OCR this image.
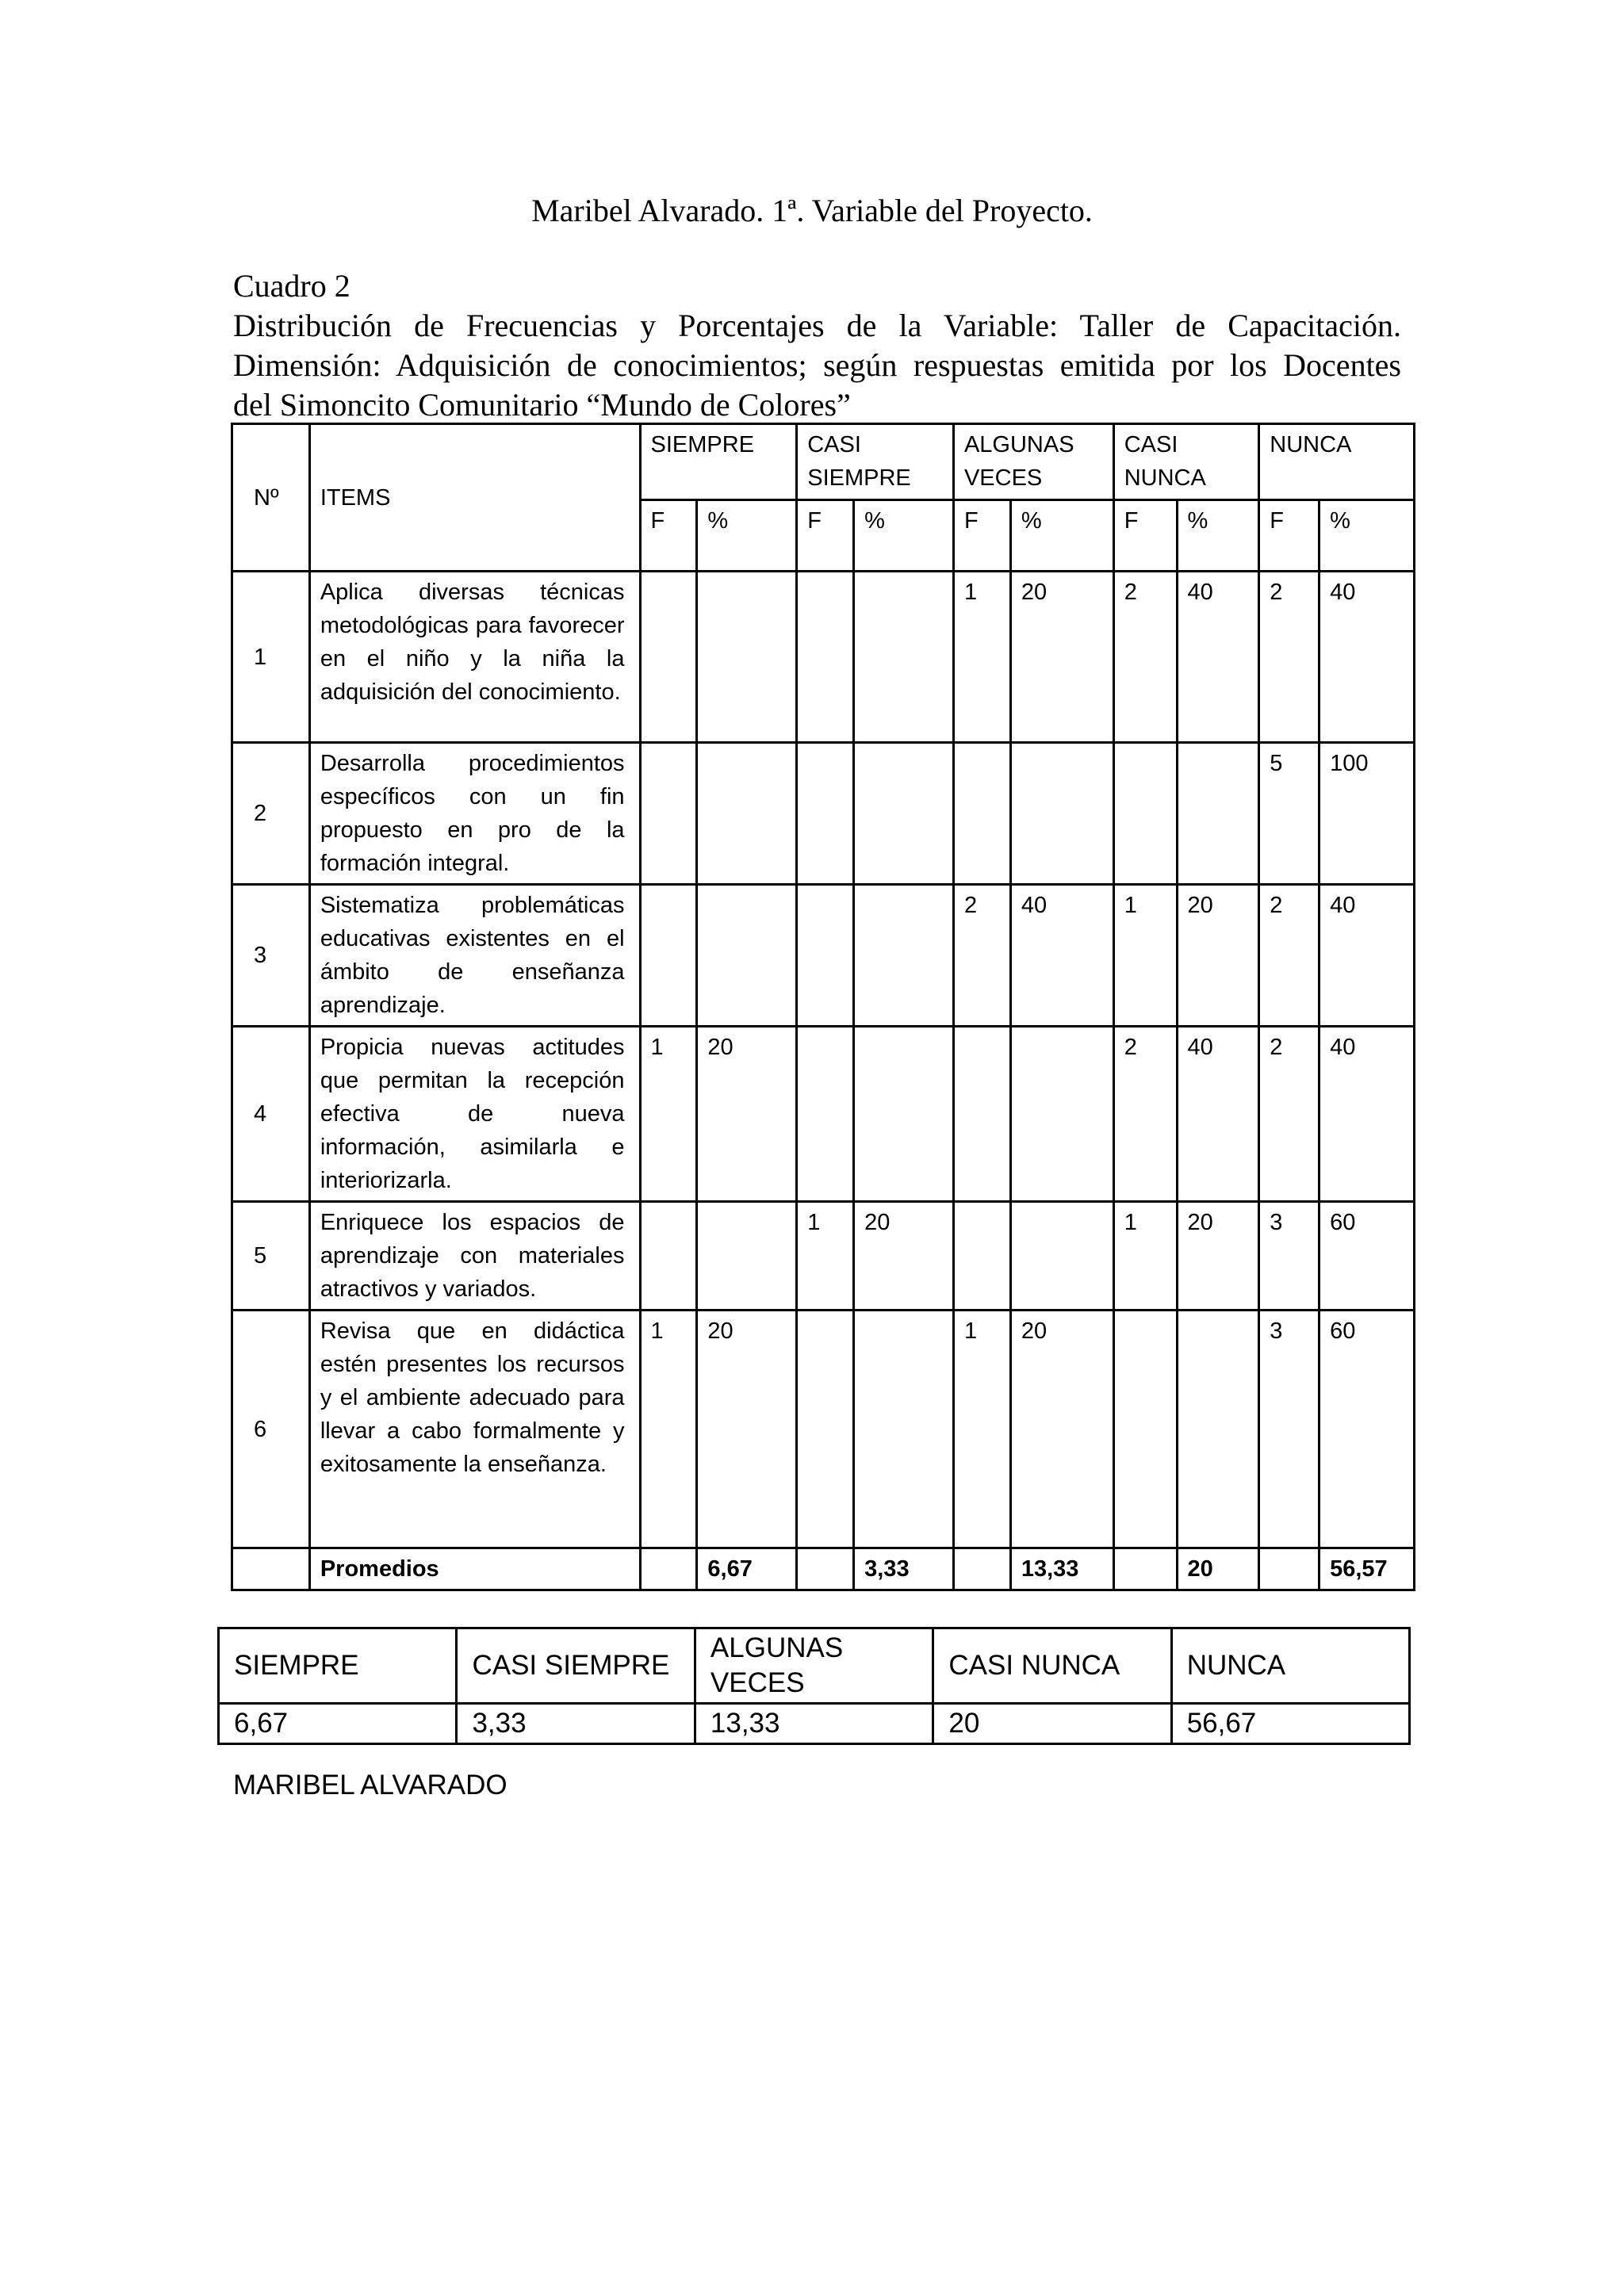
Maribel Alvarado. 1ª. Variable del Proyecto.
Cuadro 2
Distribución de Frecuencias y Porcentajes de la Variable: Taller de Capacitación.
Dimensión: Adquisición de conocimientos; según respuestas emitida por los Docentes
del Simoncito Comunitario “Mundo de Colores”
Nº	ITEMS	SIEMPRE		CASI SIEMPRE		ALGUNAS VECES		CASI NUNCA		NUNCA	
		F	%	F	%	F	%	F	%	F	%
1	Aplica diversas técnicas metodológicas para favorecer en el niño y la niña la adquisición del conocimiento.					1	20	2	40	2	40
2	Desarrolla procedimientos específicos con un fin propuesto en pro de la formación integral.									5	100
3	Sistematiza problemáticas educativas existentes en el ámbito de enseñanza aprendizaje.					2	40	1	20	2	40
4	Propicia nuevas actitudes que permitan la recepción efectiva de nueva información, asimilarla e interiorizarla.	1	20					2	40	2	40
5	Enriquece los espacios de aprendizaje con materiales atractivos y variados.			1	20			1	20	3	60
6	Revisa que en didáctica estén presentes los recursos y el ambiente adecuado para llevar a cabo formalmente y exitosamente la enseñanza.	1	20			1	20			3	60
	Promedios		6,67		3,33		13,33		20		56,57
SIEMPRE	CASI SIEMPRE	ALGUNAS VECES	CASI NUNCA	NUNCA
6,67	3,33	13,33	20	56,67
MARIBEL ALVARADO
